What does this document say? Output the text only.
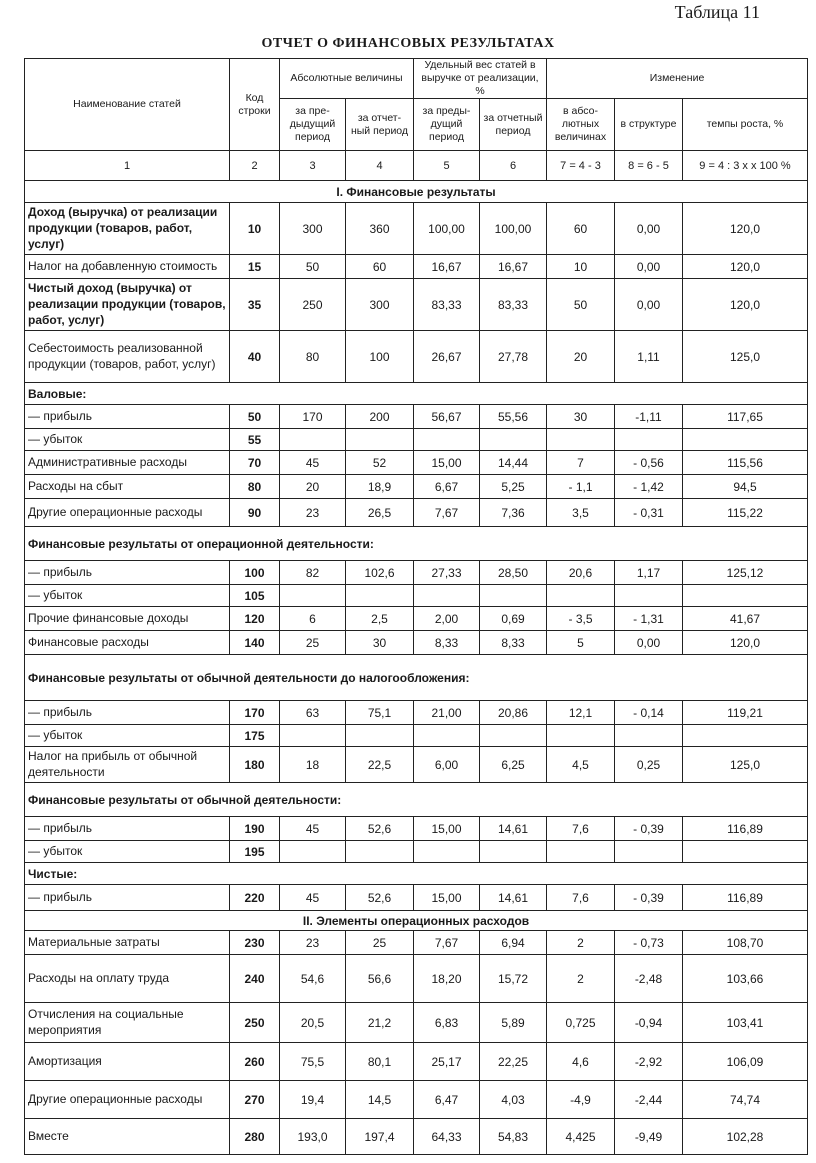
Таблица 11
ОТЧЕТ О ФИНАНСОВЫХ РЕЗУЛЬТАТАХ
Наименование статей	Код строки	Абсолютные величины		Удельный вес статей в выручке от реализации, %		Изменение		
		за пре-дыдущий период	за отчет-ный период	за преды-дущий период	за отчетный период	в абсо-лютных величинах	в структуре	темпы роста, %
1	2	3	4	5	6	7 = 4 - 3	8 = 6 - 5	9 = 4 : 3 x x 100 %
I. Финансовые результаты								
Доход (выручка) от реализации продукции (товаров, работ, услуг)	10	300	360	100,00	100,00	60	0,00	120,0
Налог на добавленную стоимость	15	50	60	16,67	16,67	10	0,00	120,0
Чистый доход (выручка) от реализации продукции (товаров, работ, услуг)	35	250	300	83,33	83,33	50	0,00	120,0
Себестоимость реализованной продукции (товаров, работ, услуг)	40	80	100	26,67	27,78	20	1,11	125,0
Валовые:								
— прибыль	50	170	200	56,67	55,56	30	-1,11	117,65
— убыток	55							
Административные расходы	70	45	52	15,00	14,44	7	- 0,56	115,56
Расходы на сбыт	80	20	18,9	6,67	5,25	- 1,1	- 1,42	94,5
Другие операционные расходы	90	23	26,5	7,67	7,36	3,5	- 0,31	115,22
Финансовые результаты от операционной деятельности:								
— прибыль	100	82	102,6	27,33	28,50	20,6	1,17	125,12
— убыток	105							
Прочие финансовые доходы	120	6	2,5	2,00	0,69	- 3,5	- 1,31	41,67
Финансовые расходы	140	25	30	8,33	8,33	5	0,00	120,0
Финансовые результаты от обычной деятельности до налогообложения:								
— прибыль	170	63	75,1	21,00	20,86	12,1	- 0,14	119,21
— убыток	175							
Налог на прибыль от обычной деятельности	180	18	22,5	6,00	6,25	4,5	0,25	125,0
Финансовые результаты от обычной деятельности:								
— прибыль	190	45	52,6	15,00	14,61	7,6	- 0,39	116,89
— убыток	195							
Чистые:								
— прибыль	220	45	52,6	15,00	14,61	7,6	- 0,39	116,89
II. Элементы операционных расходов								
Материальные затраты	230	23	25	7,67	6,94	2	- 0,73	108,70
Расходы на оплату труда	240	54,6	56,6	18,20	15,72	2	-2,48	103,66
Отчисления на социальные мероприятия	250	20,5	21,2	6,83	5,89	0,725	-0,94	103,41
Амортизация	260	75,5	80,1	25,17	22,25	4,6	-2,92	106,09
Другие операционные расходы	270	19,4	14,5	6,47	4,03	-4,9	-2,44	74,74
Вместе	280	193,0	197,4	64,33	54,83	4,425	-9,49	102,28
